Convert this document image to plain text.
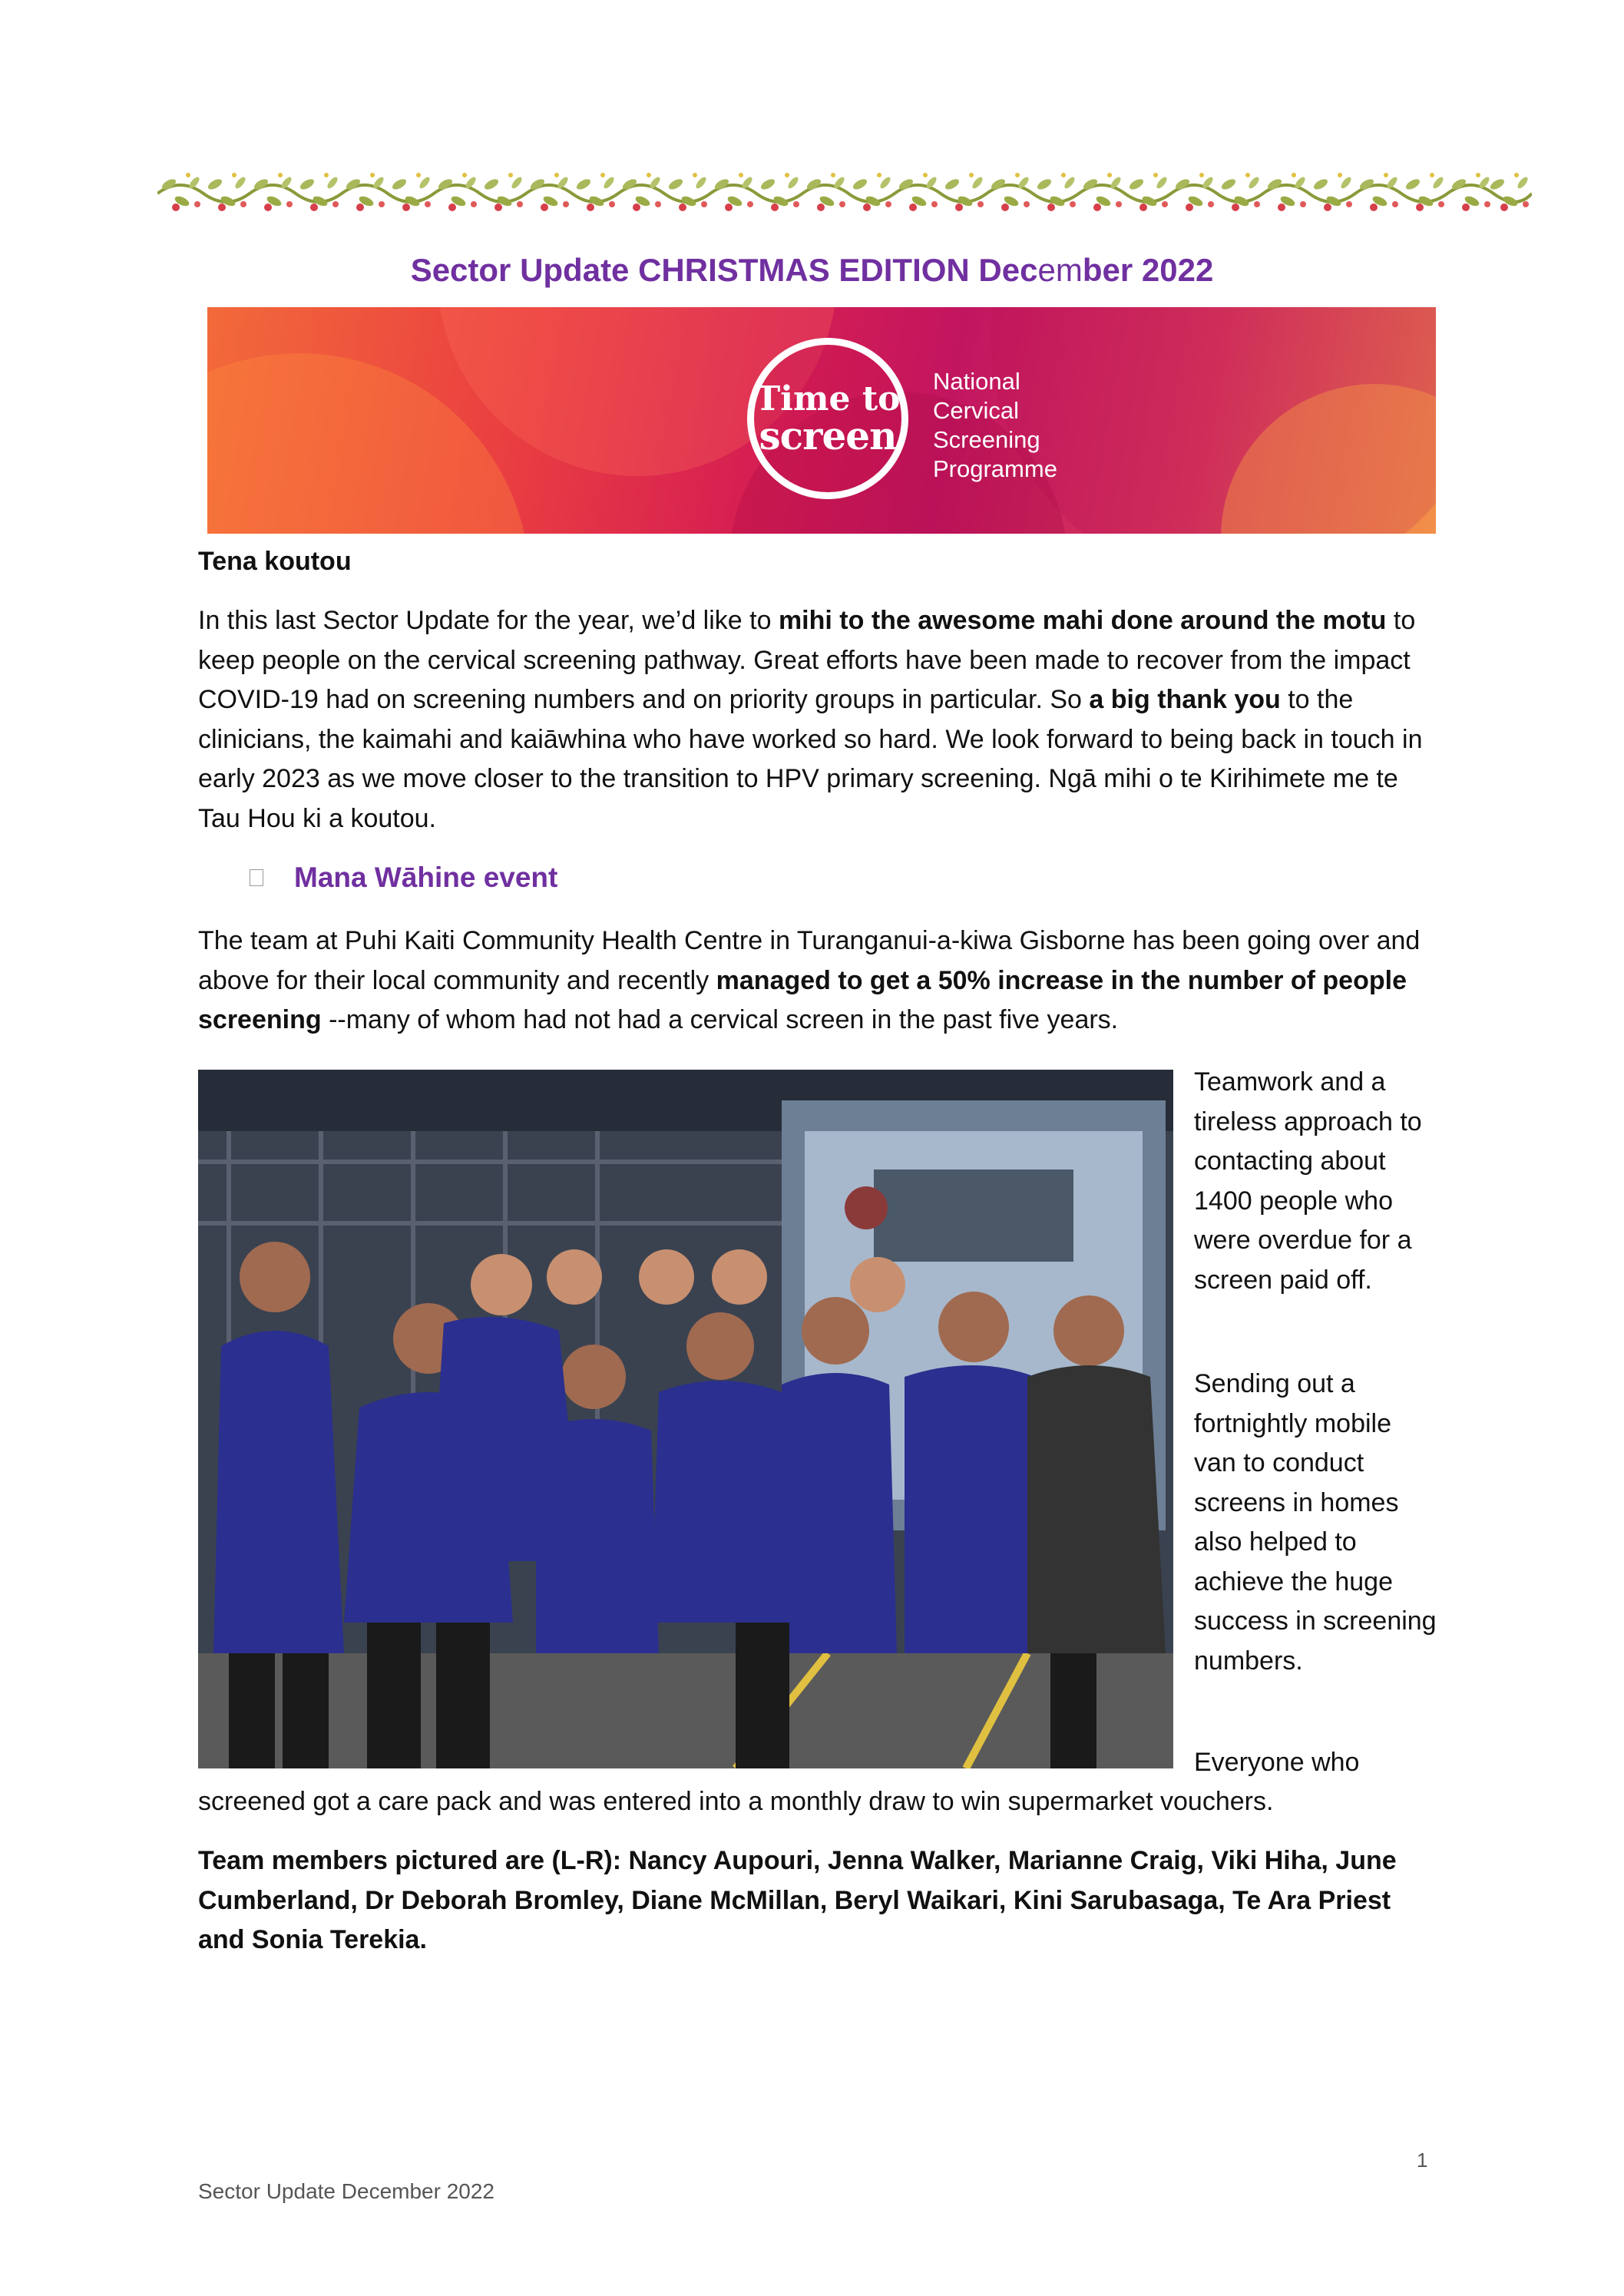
Sector Update CHRISTMAS EDITION December 2022
Time to
screen
National
Cervical
Screening
Programme
Tena koutou
In this last Sector Update for the year, we’d like to mihi to the awesome mahi done around the motu to keep people on the cervical screening pathway. Great efforts have been made to recover from the impact COVID-19 had on screening numbers and on priority groups in particular. So a big thank you to the clinicians, the kaimahi and kaiāwhina who have worked so hard. We look forward to being back in touch in early 2023 as we move closer to the transition to HPV primary screening. Ngā mihi o te Kirihimete me te Tau Hou ki a koutou.
Mana Wāhine event
The team at Puhi Kaiti Community Health Centre in Turanganui-a-kiwa Gisborne has been going over and above for their local community and recently managed to get a 50% increase in the number of people screening --many of whom had not had a cervical screen in the past five years.
Teamwork and a tireless approach to contacting about 1400 people who were overdue for a screen paid off.
Sending out a fortnightly mobile van to conduct screens in homes also helped to achieve the huge success in screening numbers.
Everyone who
screened got a care pack and was entered into a monthly draw to win supermarket vouchers.
Team members pictured are (L-R): Nancy Aupouri, Jenna Walker, Marianne Craig, Viki Hiha, June Cumberland, Dr Deborah Bromley, Diane McMillan, Beryl Waikari, Kini Sarubasaga, Te Ara Priest and Sonia Terekia.
1
Sector Update December 2022
